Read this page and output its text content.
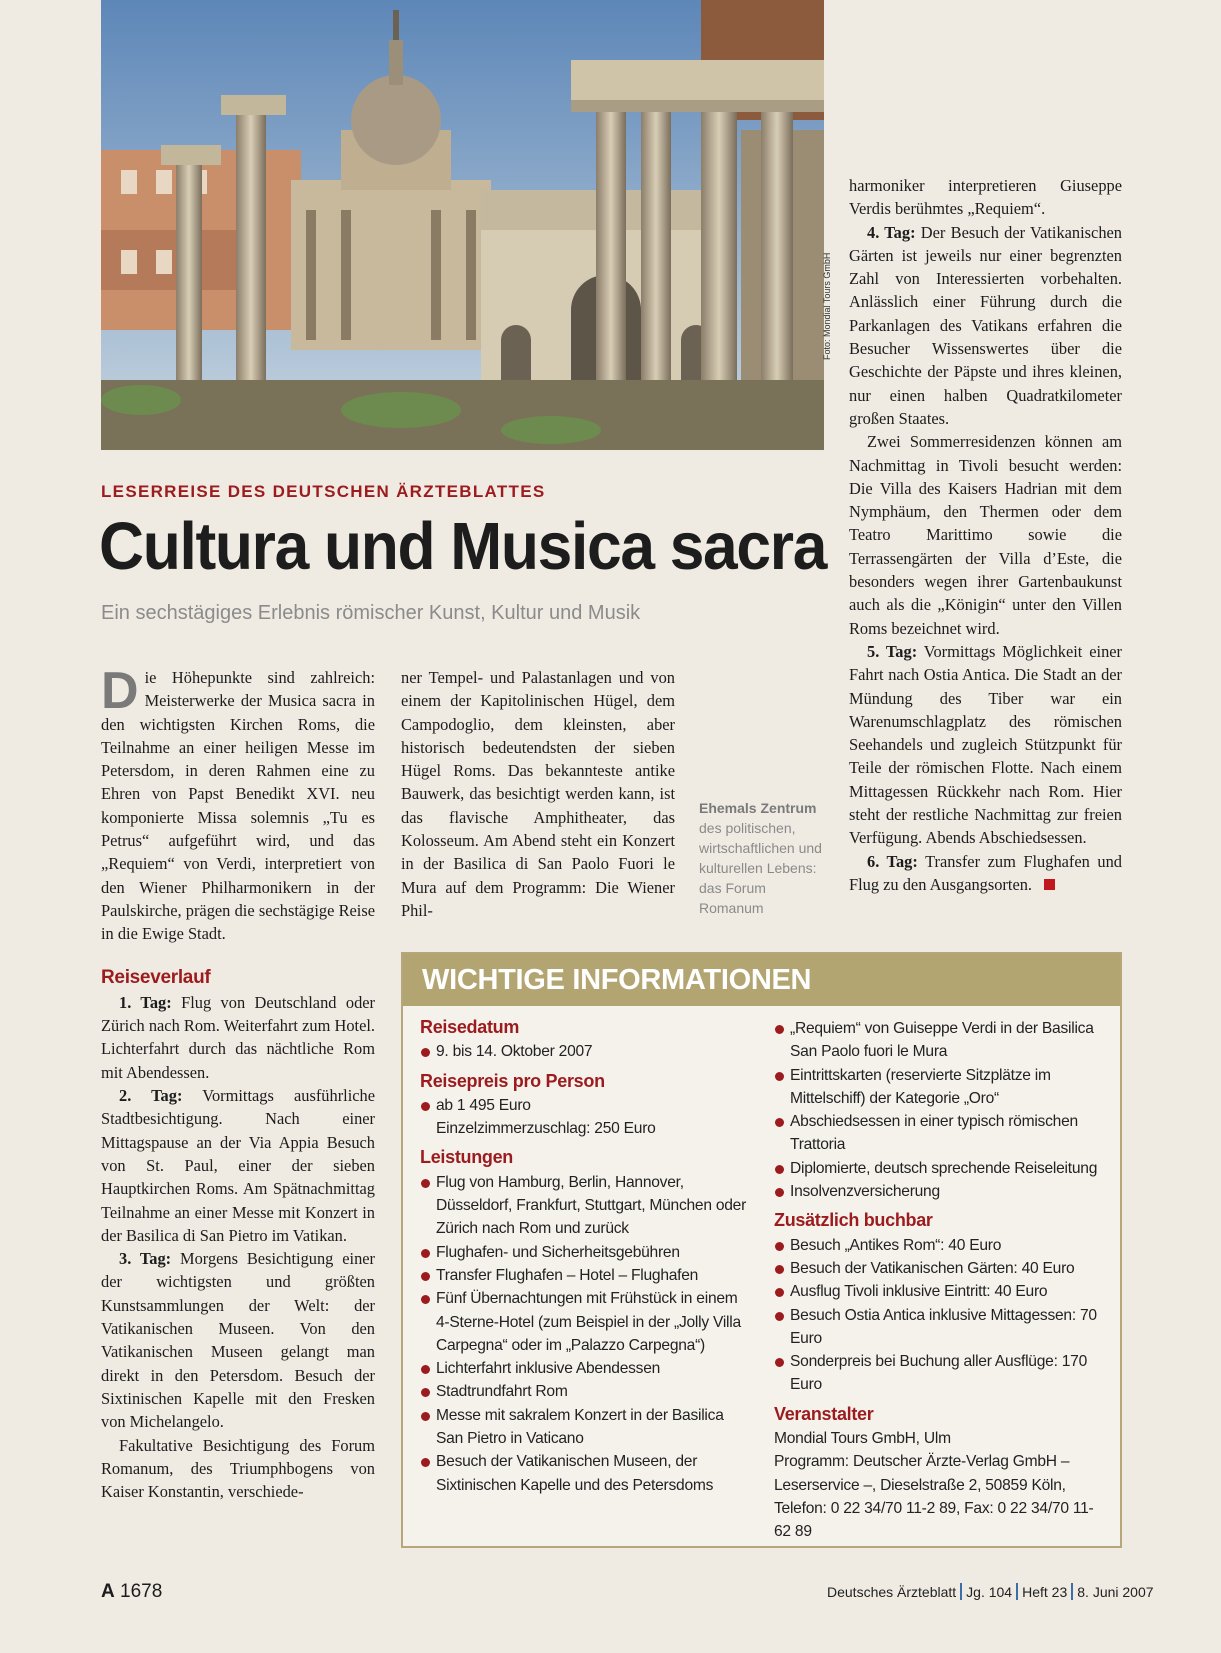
Foto: Mondial Tours GmbH
LESERREISE DES DEUTSCHEN ÄRZTEBLATTES
Cultura und Musica sacra
Ein sechstägiges Erlebnis römischer Kunst, Kultur und Musik

Die Höhepunkte sind zahlreich: Meisterwerke der Musica sacra in den wichtigsten Kirchen Roms, die Teilnahme an einer heiligen Messe im Petersdom, in deren Rahmen eine zu Ehren von Papst Benedikt XVI. neu komponierte Missa solemnis „Tu es Petrus“ aufgeführt wird, und das „Requiem“ von Verdi, interpretiert von den Wiener Philharmonikern in der Paulskirche, prägen die sechstägige Reise in die Ewige Stadt.

Reiseverlauf

1. Tag: Flug von Deutschland oder Zürich nach Rom. Weiterfahrt zum Hotel. Lichterfahrt durch das nächtliche Rom mit Abendessen.

2. Tag: Vormittags ausführliche Stadtbesichtigung. Nach einer Mittagspause an der Via Appia Besuch von St. Paul, einer der sieben Hauptkirchen Roms. Am Spätnachmittag Teilnahme an einer Messe mit Konzert in der Basilica di San Pietro im Vatikan.

3. Tag: Morgens Besichtigung einer der wichtigsten und größten Kunstsammlungen der Welt: der Vatikanischen Museen. Von den Vatikanischen Museen gelangt man direkt in den Petersdom. Besuch der Sixtinischen Kapelle mit den Fresken von Michelangelo.

Fakultative Besichtigung des Forum Romanum, des Triumphbogens von Kaiser Konstantin, verschiede-

ner Tempel- und Palastanlagen und von einem der Kapitolinischen Hügel, dem Campodoglio, dem kleinsten, aber historisch bedeutendsten der sieben Hügel Roms. Das bekannteste antike Bauwerk, das besichtigt werden kann, ist das flavische Amphitheater, das Kolosseum. Am Abend steht ein Konzert in der Basilica di San Paolo Fuori le Mura auf dem Programm: Die Wiener Phil-

Ehemals Zentrum
des politischen, wirtschaftlichen und kulturellen Lebens: das Forum Romanum

harmoniker interpretieren Giuseppe Verdis berühmtes „Requiem“.

4. Tag: Der Besuch der Vatikanischen Gärten ist jeweils nur einer begrenzten Zahl von Interessierten vorbehalten. Anlässlich einer Führung durch die Parkanlagen des Vatikans erfahren die Besucher Wissenswertes über die Geschichte der Päpste und ihres kleinen, nur einen halben Quadratkilometer großen Staates.

Zwei Sommerresidenzen können am Nachmittag in Tivoli besucht werden: Die Villa des Kaisers Hadrian mit dem Nymphäum, den Thermen oder dem Teatro Marittimo sowie die Terrassengärten der Villa d’Este, die besonders wegen ihrer Gartenbaukunst auch als die „Königin“ unter den Villen Roms bezeichnet wird.

5. Tag: Vormittags Möglichkeit einer Fahrt nach Ostia Antica. Die Stadt an der Mündung des Tiber war ein Warenumschlagplatz des römischen Seehandels und zugleich Stützpunkt für Teile der römischen Flotte. Nach einem Mittagessen Rückkehr nach Rom. Hier steht der restliche Nachmittag zur freien Verfügung. Abends Abschiedsessen.

6. Tag: Transfer zum Flughafen und Flug zu den Ausgangsorten.

WICHTIGE INFORMATIONEN
Reisedatum
9. bis 14. Oktober 2007
Reisepreis pro Person
ab 1 495 Euro
Einzelzimmerzuschlag: 250 Euro
Leistungen
Flug von Hamburg, Berlin, Hannover, Düsseldorf, Frankfurt, Stuttgart, München oder Zürich nach Rom und zurück
Flughafen- und Sicherheitsgebühren
Transfer Flughafen – Hotel – Flughafen
Fünf Übernachtungen mit Frühstück in einem 4-Sterne-Hotel (zum Beispiel in der „Jolly Villa Carpegna“ oder im „Palazzo Carpegna“)
Lichterfahrt inklusive Abendessen
Stadtrundfahrt Rom
Messe mit sakralem Konzert in der Basilica San Pietro in Vaticano
Besuch der Vatikanischen Museen, der Sixtinischen Kapelle und des Petersdoms
„Requiem“ von Guiseppe Verdi in der Basilica San Paolo fuori le Mura
Eintrittskarten (reservierte Sitzplätze im Mittelschiff) der Kategorie „Oro“
Abschiedsessen in einer typisch römischen Trattoria
Diplomierte, deutsch sprechende Reiseleitung
Insolvenzversicherung
Zusätzlich buchbar
Besuch „Antikes Rom“: 40 Euro
Besuch der Vatikanischen Gärten: 40 Euro
Ausflug Tivoli inklusive Eintritt: 40 Euro
Besuch Ostia Antica inklusive Mittagessen: 70 Euro
Sonderpreis bei Buchung aller Ausflüge: 170 Euro
Veranstalter
Mondial Tours GmbH, Ulm
Programm: Deutscher Ärzte-Verlag GmbH – Leserservice –, Dieselstraße 2, 50859 Köln, Telefon: 0 22 34/70 11-2 89, Fax: 0 22 34/70 11-62 89
A 1678	Deutsches Ärzteblatt Jg. 104 Heft 23 8. Juni 2007
